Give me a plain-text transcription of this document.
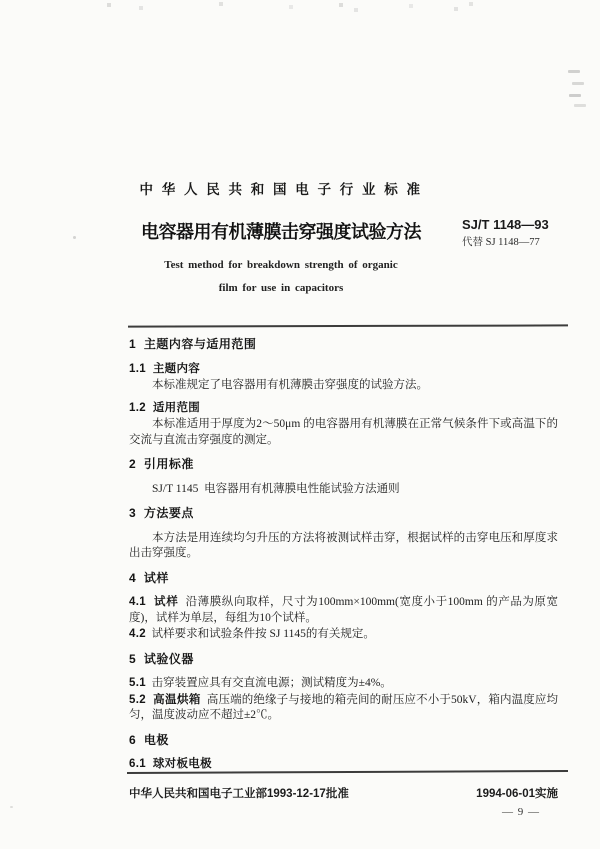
中 华 人 民 共 和 国 电 子 行 业 标 准
电容器用有机薄膜击穿强度试验方法
Test method for breakdown strength of organic
film for use in capacitors
SJ/T 1148—93
代替 SJ 1148—77
1  主题内容与适用范围
1.1  主题内容
本标准规定了电容器用有机薄膜击穿强度的试验方法。
1.2  适用范围
本标准适用于厚度为2～50μm 的电容器用有机薄膜在正常气候条件下或高温下的交流与直流击穿强度的测定。
2  引用标准
SJ/T 1145  电容器用有机薄膜电性能试验方法通则
3  方法要点
本方法是用连续均匀升压的方法将被测试样击穿，根据试样的击穿电压和厚度求出击穿强度。
4  试样
4.1  试样  沿薄膜纵向取样，尺寸为100mm×100mm(宽度小于100mm 的产品为原宽度)，试样为单层，每组为10个试样。
4.2  试样要求和试验条件按 SJ 1145的有关规定。
5  试验仪器
5.1  击穿装置应具有交直流电源；测试精度为±4%。
5.2  高温烘箱  高压端的绝缘子与接地的箱壳间的耐压应不小于50kV，箱内温度应均匀，温度波动应不超过±2℃。
6  电极
6.1  球对板电极
中华人民共和国电子工业部1993-12-17批准	1994-06-01实施
— 9 —
